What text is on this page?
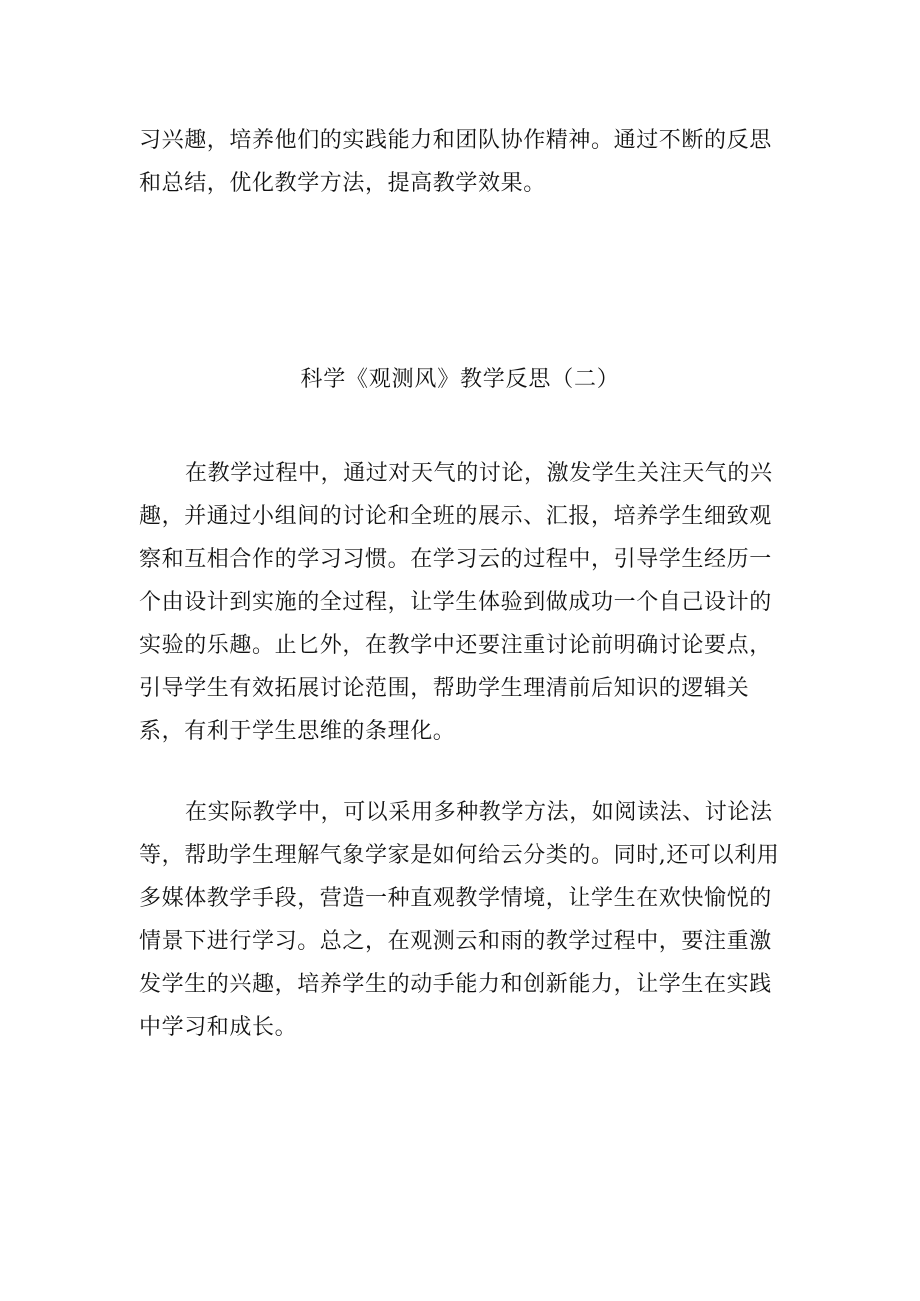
习兴趣，培养他们的实践能力和团队协作精神。通过不断的反思和总结，优化教学方法，提高教学效果。

科学《观测风》教学反思（二）

在教学过程中，通过对天气的讨论，激发学生关注天气的兴趣，并通过小组间的讨论和全班的展示、汇报，培养学生细致观察和互相合作的学习习惯。在学习云的过程中，引导学生经历一个由设计到实施的全过程，让学生体验到做成功一个自己设计的实验的乐趣。止匕外，在教学中还要注重讨论前明确讨论要点，引导学生有效拓展讨论范围，帮助学生理清前后知识的逻辑关系，有利于学生思维的条理化。

在实际教学中，可以采用多种教学方法，如阅读法、讨论法等，帮助学生理解气象学家是如何给云分类的。同时,还可以利用多媒体教学手段，营造一种直观教学情境，让学生在欢快愉悦的情景下进行学习。总之，在观测云和雨的教学过程中，要注重激发学生的兴趣，培养学生的动手能力和创新能力，让学生在实践中学习和成长。
